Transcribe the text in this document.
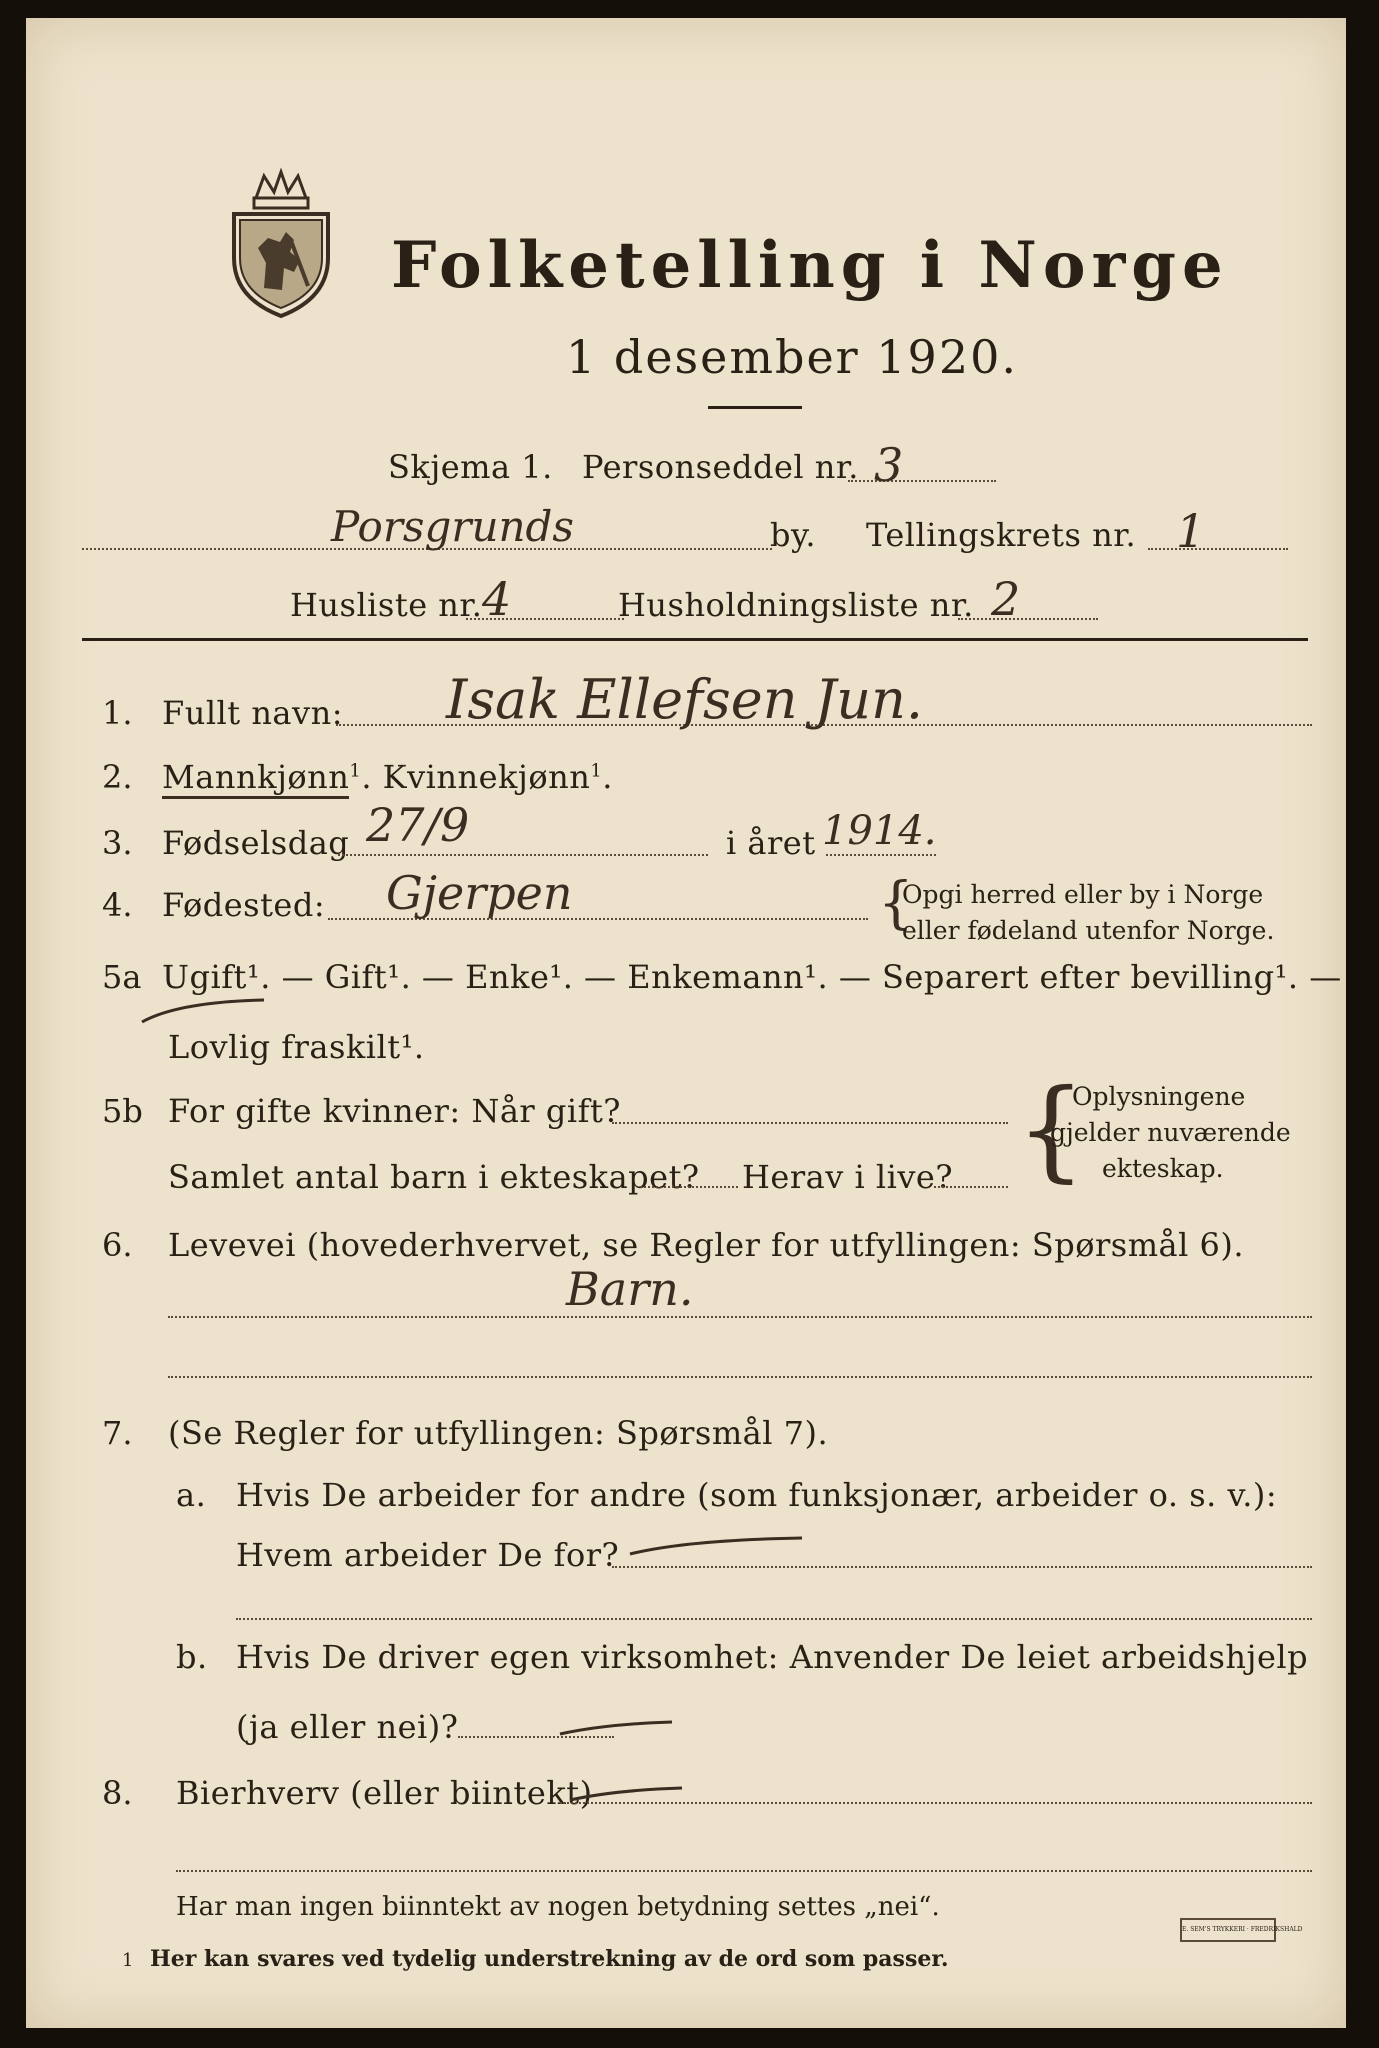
Folketelling i Norge
1 desember 1920.
Skjema 1. Personseddel nr. 3
Porsgrunds	by. Tellingskrets nr. 1
Husliste nr. 4	Husholdningsliste nr. 2
1. Fullt navn: Isak Ellefsen Jun.
2. Mannkjønn$^1$. Kvinnekjønn$^1$.
3. Fødselsdag 27/9	i året 1914.
4. Fødested: Gjerpen	{
Opgi herred eller by i Norge
eller fødeland utenfor Norge.
5a Ugift¹. — Gift¹. — Enke¹. — Enkemann¹. — Separert efter bevilling¹. —
Lovlig fraskilt¹.
5b For gifte kvinner: Når gift?
Samlet antal barn i ekteskapet? Herav i live? {
Oplysningene
gjelder nuværende
ekteskap.
6. Levevei (hovederhvervet, se Regler for utfyllingen: Spørsmål 6).
Barn.
7. (Se Regler for utfyllingen: Spørsmål 7).
a. Hvis De arbeider for andre (som funksjonær, arbeider o. s. v.):
Hvem arbeider De for?
b. Hvis De driver egen virksomhet: Anvender De leiet arbeidshjelp
(ja eller nei)?
8. Bierhverv (eller biintekt)
Har man ingen biinntekt av nogen betydning settes „nei“.
1 Her kan svares ved tydelig understrekning av de ord som passer.
E. SEM'S TRYKKERI · FREDRIKSHALD
